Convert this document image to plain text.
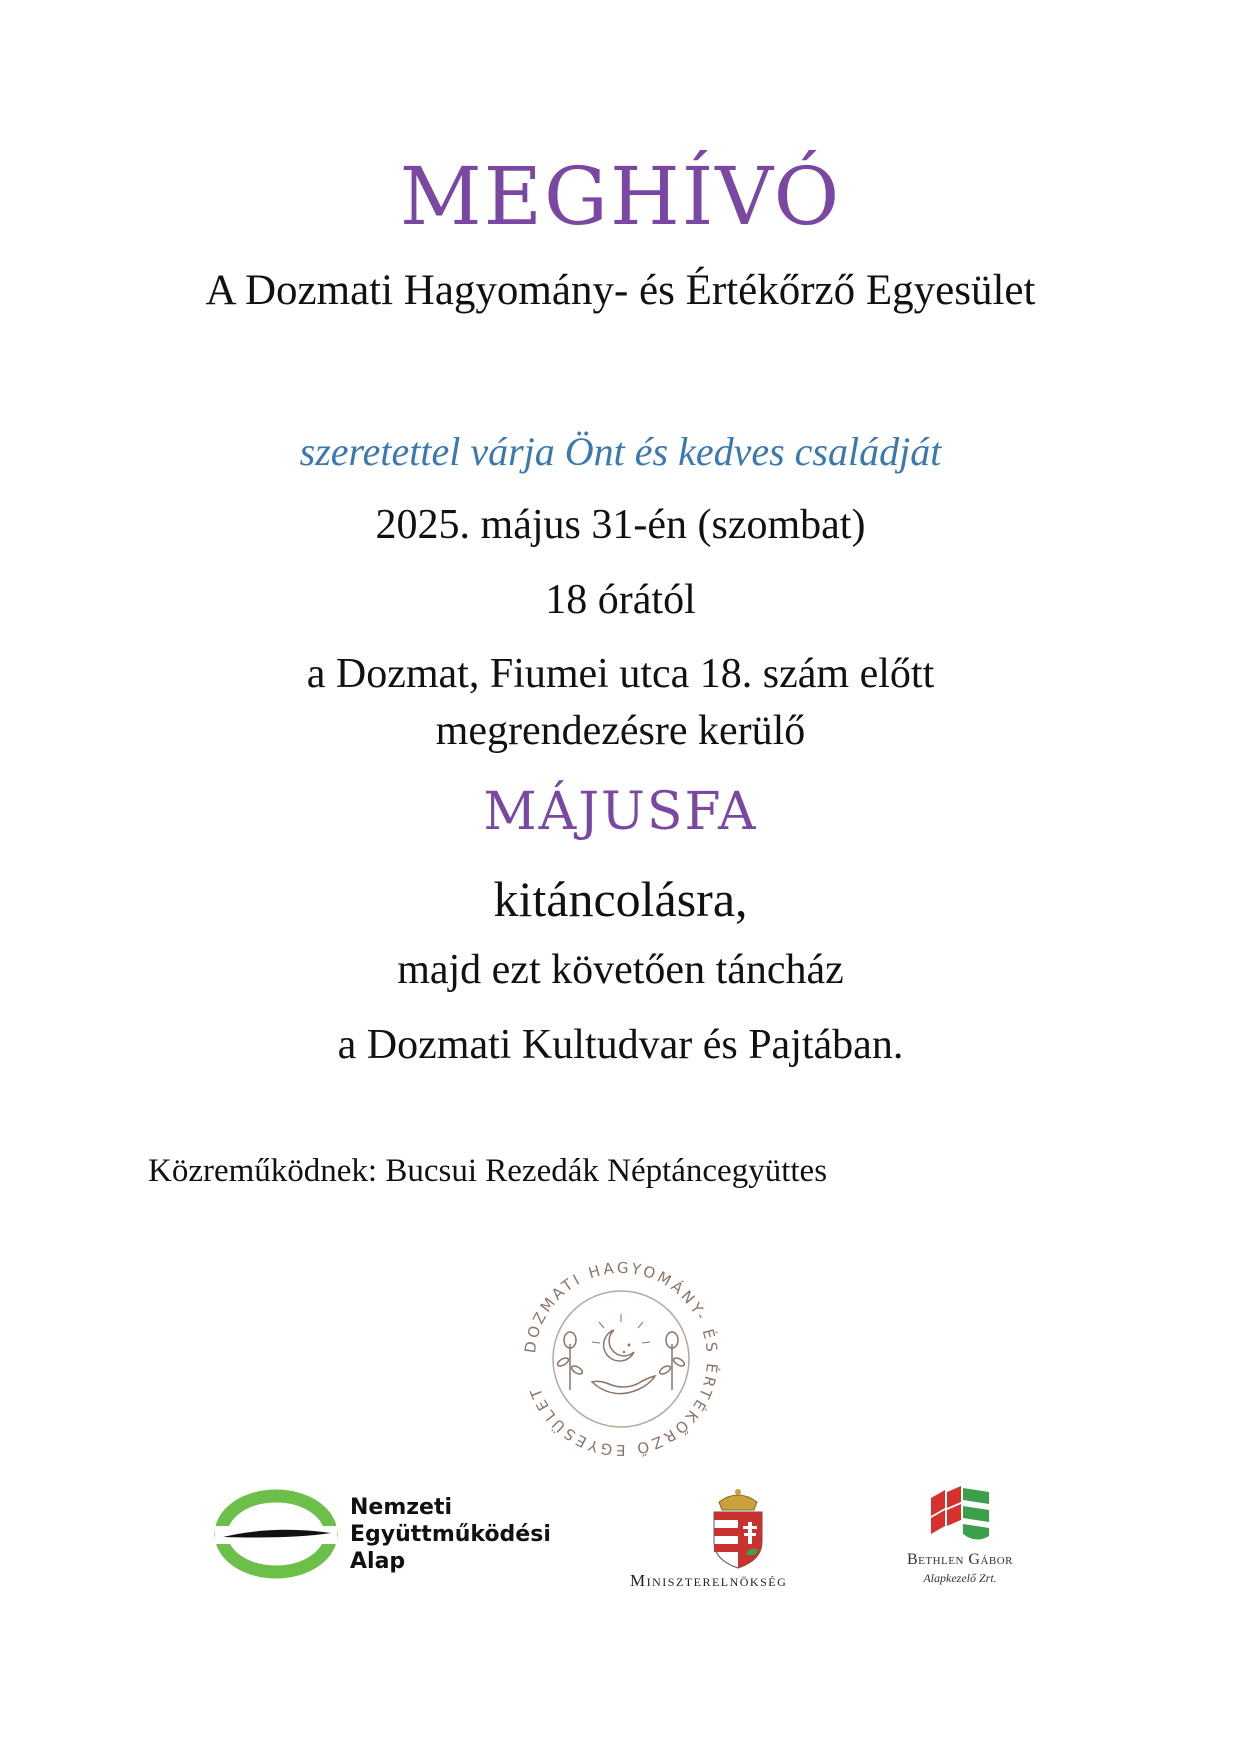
MEGHÍVÓ
A Dozmati Hagyomány- és Értékőrző Egyesület
szeretettel várja Önt és kedves családját
2025. május 31-én (szombat)
18 órától
a Dozmat, Fiumei utca 18. szám előtt
megrendezésre kerülő
MÁJUSFA
kitáncolásra,
majd ezt követően táncház
a Dozmati Kultudvar és Pajtában.
Közreműködnek: Bucsui Rezedák Néptáncegyüttes
DOZMATI HAGYOMÁNY- ÉS ÉRTÉKŐRZŐ EGYESÜLET
Nemzeti
Együttműködési
Alap
Miniszterelnökség
Bethlen Gábor
Alapkezelő Zrt.
